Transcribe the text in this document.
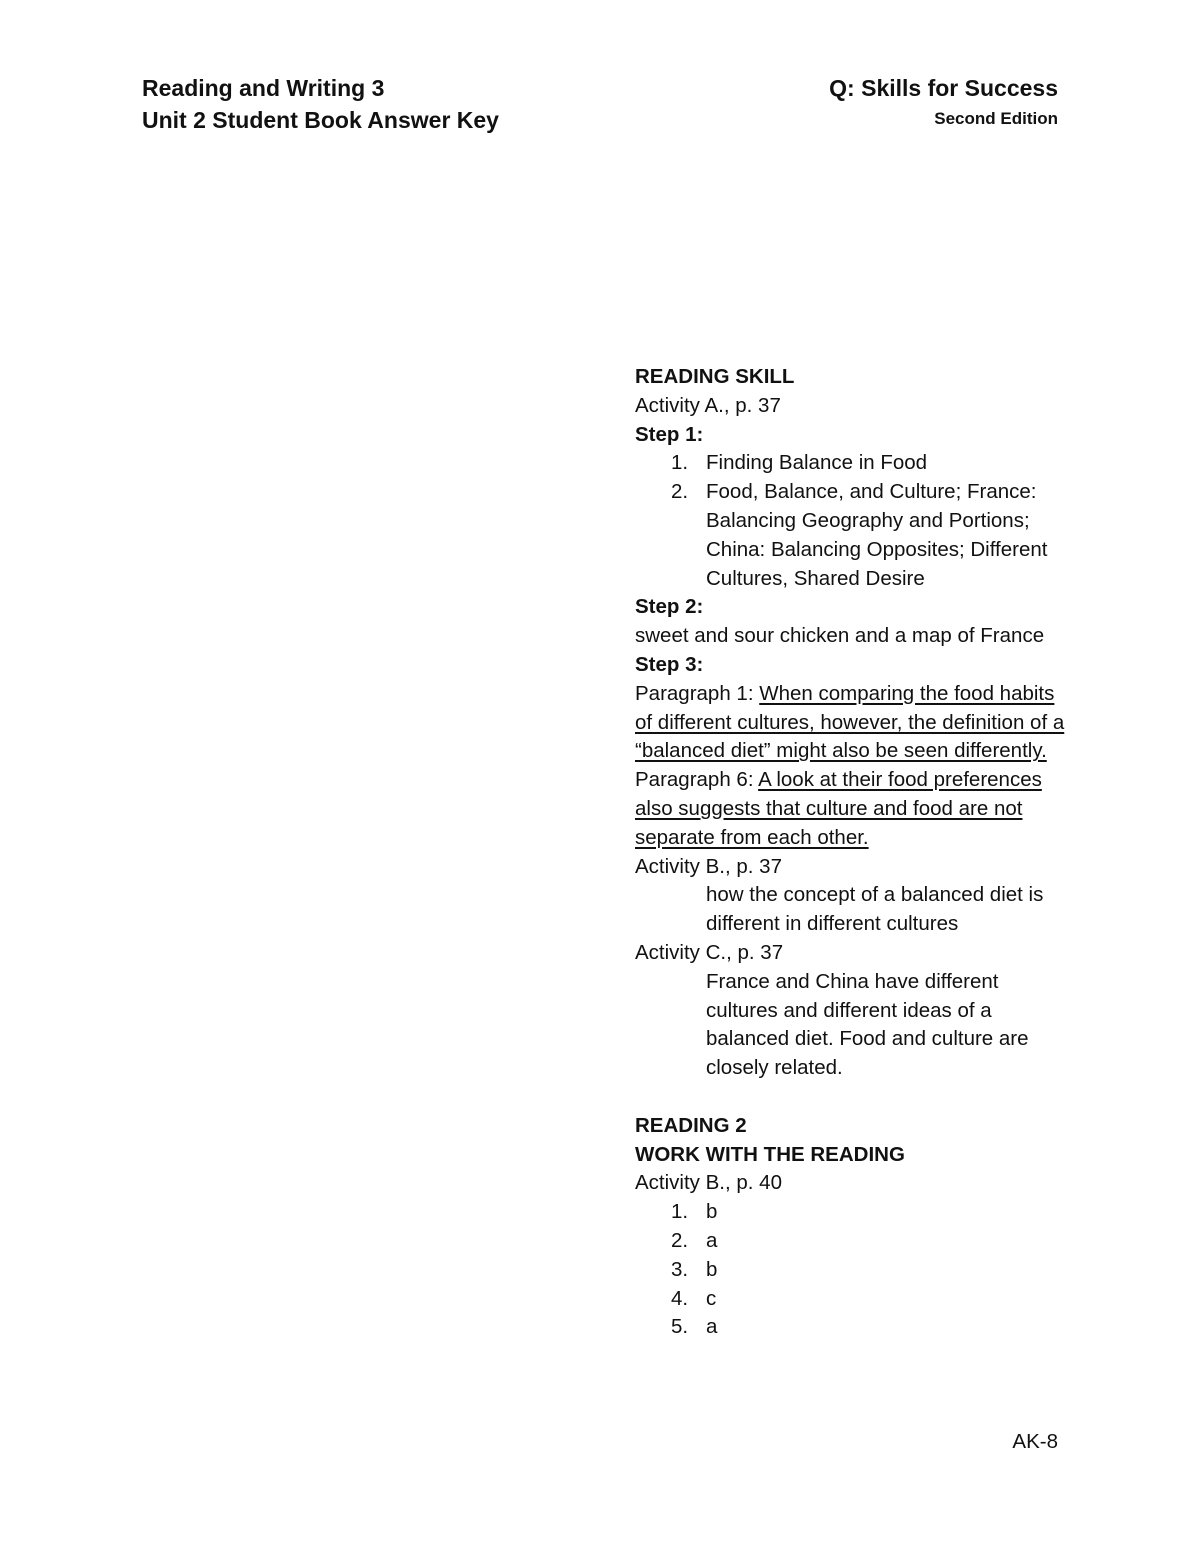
Reading and Writing 3
Unit 2 Student Book Answer Key
Q: Skills for Success
Second Edition

READING SKILL

Activity A., p. 37

Step 1:

1. Finding Balance in Food
2. Food, Balance, and Culture; France: Balancing Geography and Portions; China: Balancing Opposites; Different Cultures, Shared Desire

Step 2:

sweet and sour chicken and a map of France

Step 3:

Paragraph 1: When comparing the food habits of different cultures, however, the definition of a “balanced diet” might also be seen differently.

Paragraph 6: A look at their food preferences also suggests that culture and food are not separate from each other.

Activity B., p. 37

how the concept of a balanced diet is different in different cultures

Activity C., p. 37

France and China have different cultures and different ideas of a balanced diet. Food and culture are closely related.

READING 2

WORK WITH THE READING

Activity B., p. 40

1. b
2. a
3. b
4. c
5. a
AK-8
